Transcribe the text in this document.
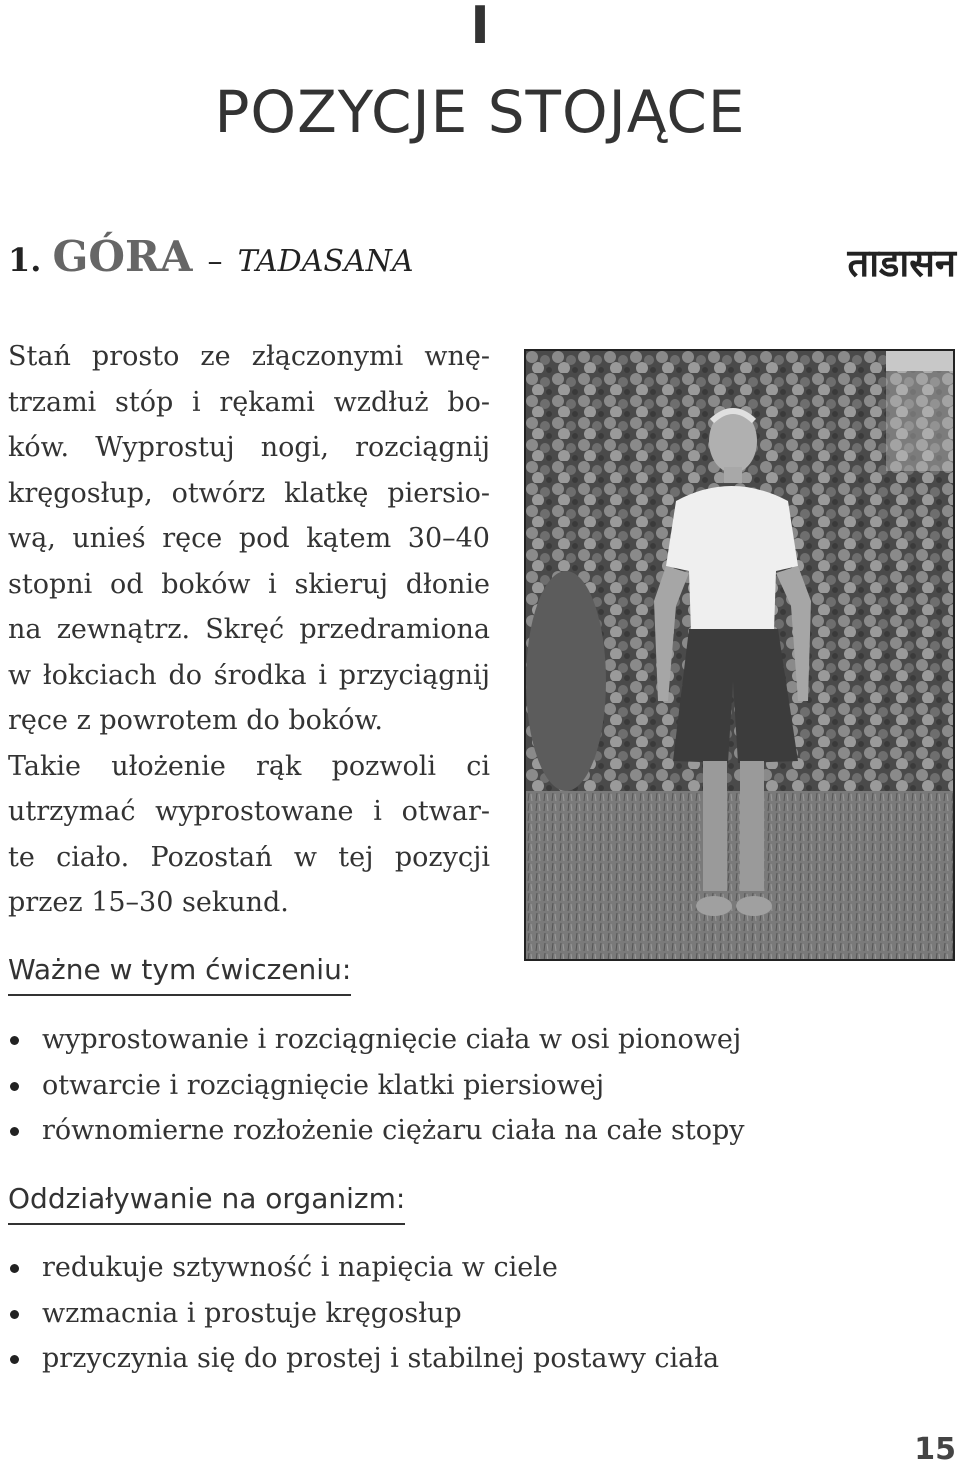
I
POZYCJE STOJĄCE
1. GÓRA – TADASANA	ताडासन

Stań prosto ze złączonymi wnę-
trzami stóp i rękami wzdłuż bo-
ków. Wyprostuj nogi, rozciągnij
kręgosłup, otwórz klatkę piersio-
wą, unieś ręce pod kątem 30–40
stopni od boków i skieruj dłonie
na zewnątrz. Skręć przedramiona
w łokciach do środka i przyciągnij
ręce z powrotem do boków.
Takie ułożenie rąk pozwoli ci
utrzymać wyprostowane i otwar-
te ciało. Pozostań w tej pozycji
przez 15–30 sekund.

Ważne w tym ćwiczeniu:
wyprostowanie i rozciągnięcie ciała w osi pionowej
otwarcie i rozciągnięcie klatki piersiowej
równomierne rozłożenie ciężaru ciała na całe stopy
Oddziaływanie na organizm:
redukuje sztywność i napięcia w ciele
wzmacnia i prostuje kręgosłup
przyczynia się do prostej i stabilnej postawy ciała
15
